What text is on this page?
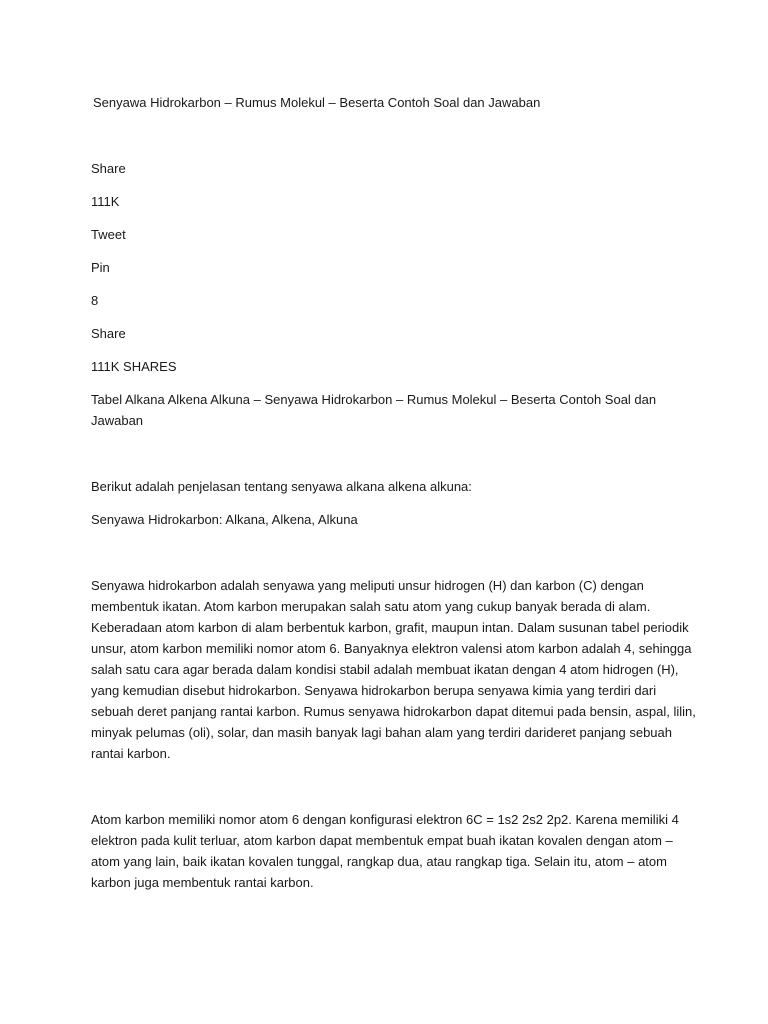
Senyawa Hidrokarbon – Rumus Molekul – Beserta Contoh Soal dan Jawaban

Share

111K

Tweet

Pin

8

Share

111K SHARES

Tabel Alkana Alkena Alkuna – Senyawa Hidrokarbon – Rumus Molekul – Beserta Contoh Soal dan

Jawaban

Berikut adalah penjelasan tentang senyawa alkana alkena alkuna:

Senyawa Hidrokarbon: Alkana, Alkena, Alkuna

Senyawa hidrokarbon adalah senyawa yang meliputi unsur hidrogen (H) dan karbon (C) dengan

membentuk ikatan. Atom karbon merupakan salah satu atom yang cukup banyak berada di alam.

Keberadaan atom karbon di alam berbentuk karbon, grafit, maupun intan. Dalam susunan tabel periodik

unsur, atom karbon memiliki nomor atom 6. Banyaknya elektron valensi atom karbon adalah 4, sehingga

salah satu cara agar berada dalam kondisi stabil adalah membuat ikatan dengan 4 atom hidrogen (H),

yang kemudian disebut hidrokarbon. Senyawa hidrokarbon berupa senyawa kimia yang terdiri dari

sebuah deret panjang rantai karbon. Rumus senyawa hidrokarbon dapat ditemui pada bensin, aspal, lilin,

minyak pelumas (oli), solar, dan masih banyak lagi bahan alam yang terdiri darideret panjang sebuah

rantai karbon.

Atom karbon memiliki nomor atom 6 dengan konfigurasi elektron 6C = 1s2 2s2 2p2. Karena memiliki 4

elektron pada kulit terluar, atom karbon dapat membentuk empat buah ikatan kovalen dengan atom –

atom yang lain, baik ikatan kovalen tunggal, rangkap dua, atau rangkap tiga. Selain itu, atom – atom

karbon juga membentuk rantai karbon.
